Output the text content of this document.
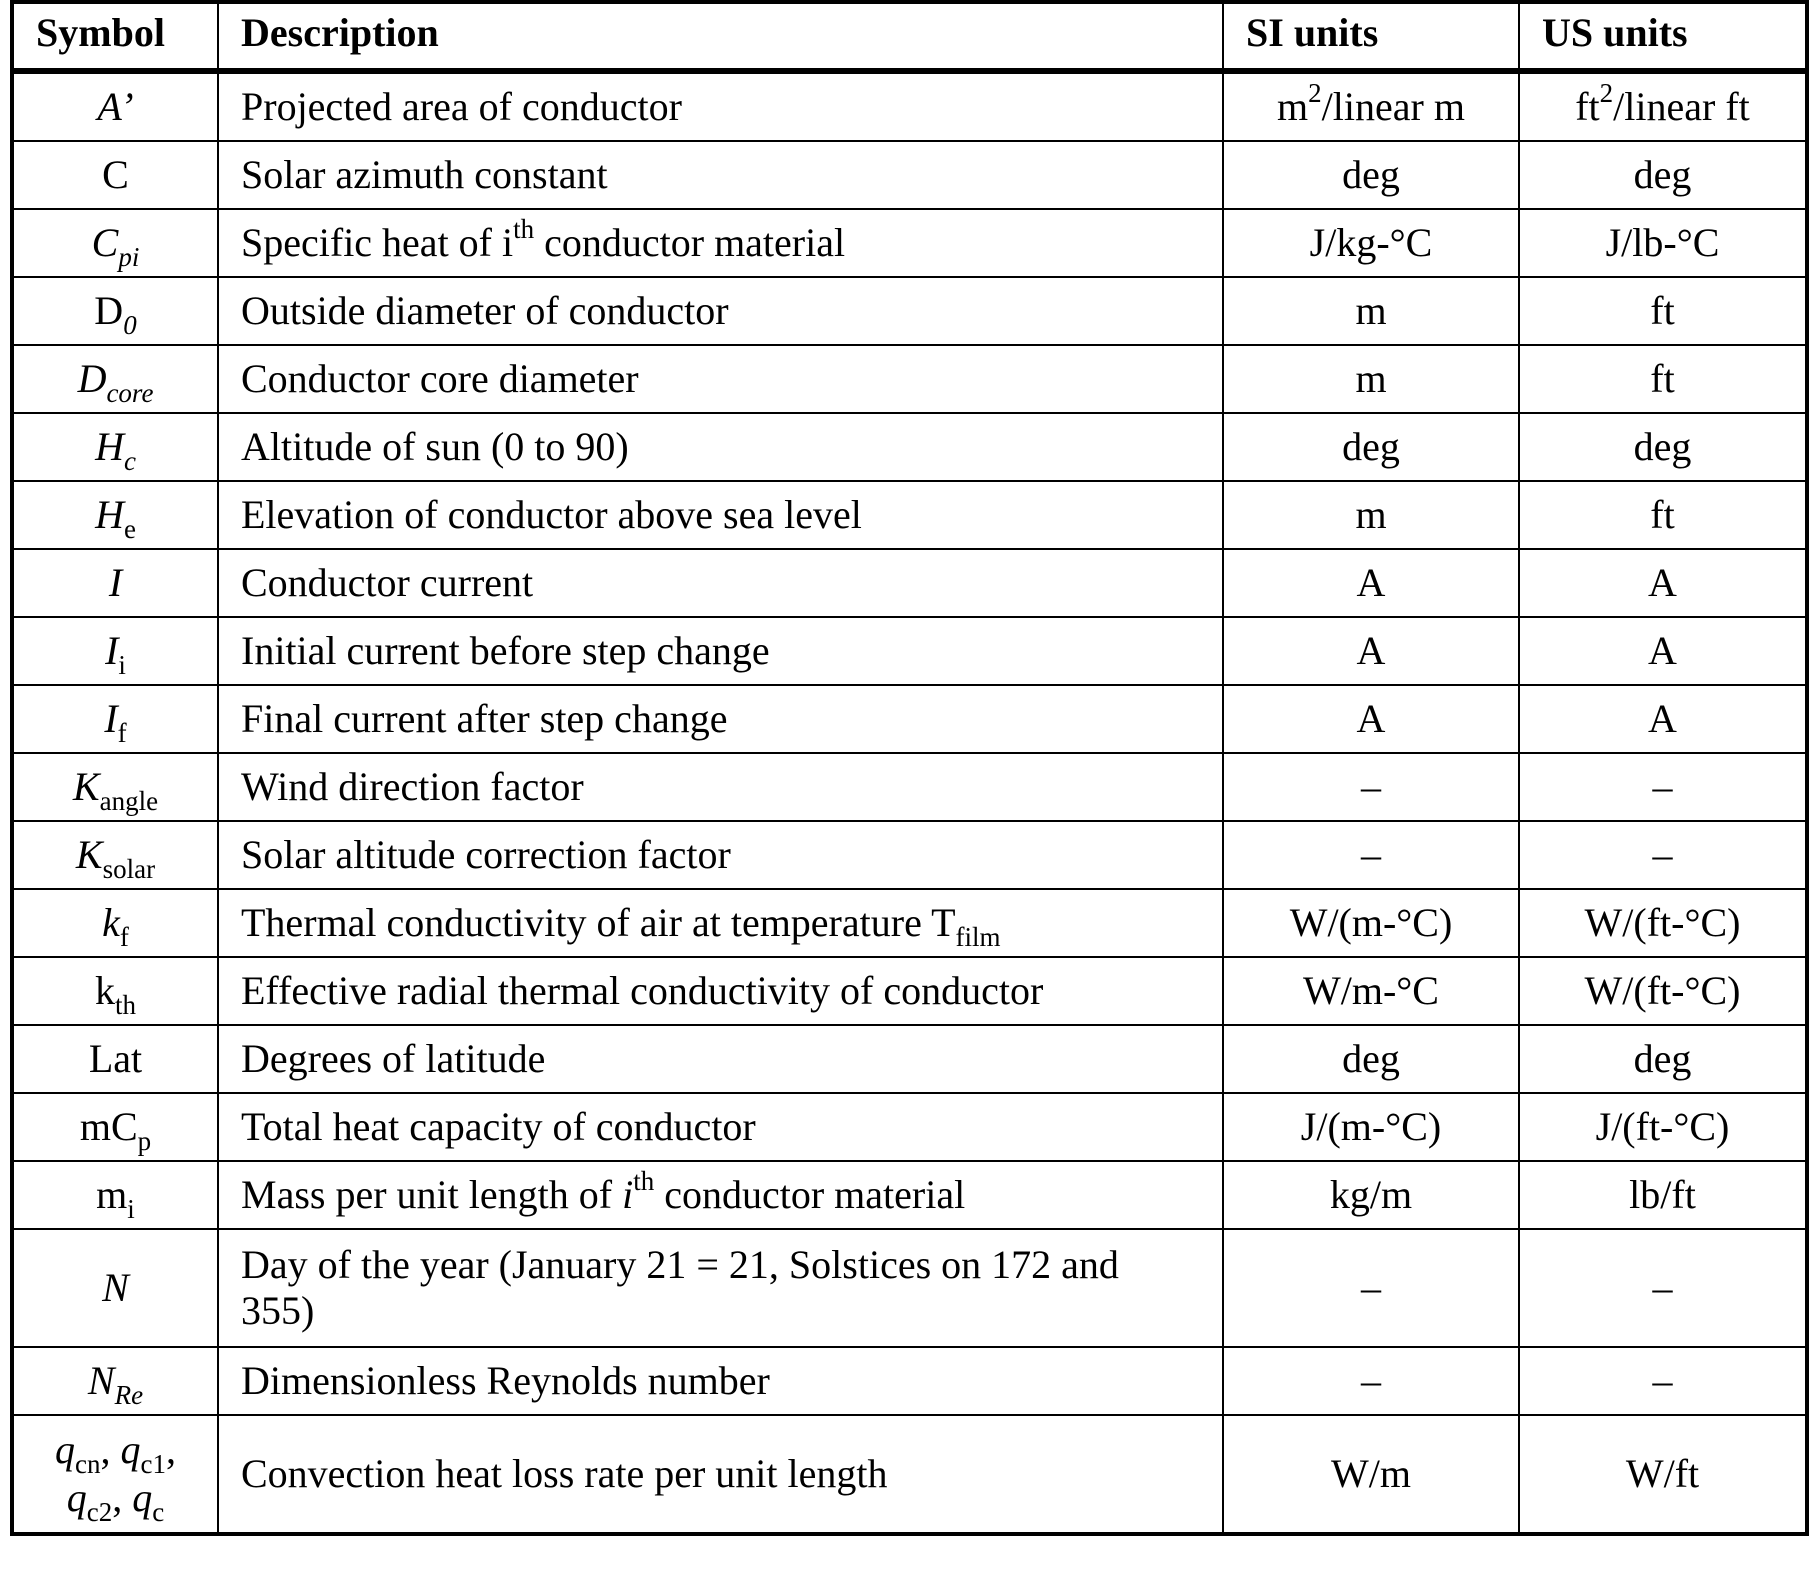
Symbol	Description	SI units	US units
A’	Projected area of conductor	$m^2$/linear m	$ft^2$/linear ft
C	Solar azimuth constant	deg	deg
$C_{pi}$	Specific heat of $i^{th}$ conductor material	J/kg-°C	J/lb-°C
$D_0$	Outside diameter of conductor	m	ft
$D_{core}$	Conductor core diameter	m	ft
$H_c$	Altitude of sun (0 to 90)	deg	deg
$H_e$	Elevation of conductor above sea level	m	ft
I	Conductor current	A	A
$I_i$	Initial current before step change	A	A
$I_f$	Final current after step change	A	A
$K_{angle}$	Wind direction factor	–	–
$K_{solar}$	Solar altitude correction factor	–	–
$k_f$	Thermal conductivity of air at temperature $T_{film}$	W/(m-°C)	W/(ft-°C)
$k_{th}$	Effective radial thermal conductivity of conductor	W/m-°C	W/(ft-°C)
Lat	Degrees of latitude	deg	deg
$mC_p$	Total heat capacity of conductor	J/(m-°C)	J/(ft-°C)
$m_i$	Mass per unit length of $i^{th}$ conductor material	kg/m	lb/ft
N	Day of the year (January 21 = 21, Solstices on 172 and 355)	–	–
$N_{Re}$	Dimensionless Reynolds number	–	–
$q_{cn}$, $q_{c1}$,
$q_{c2}$, $q_c$	Convection heat loss rate per unit length	W/m	W/ft
